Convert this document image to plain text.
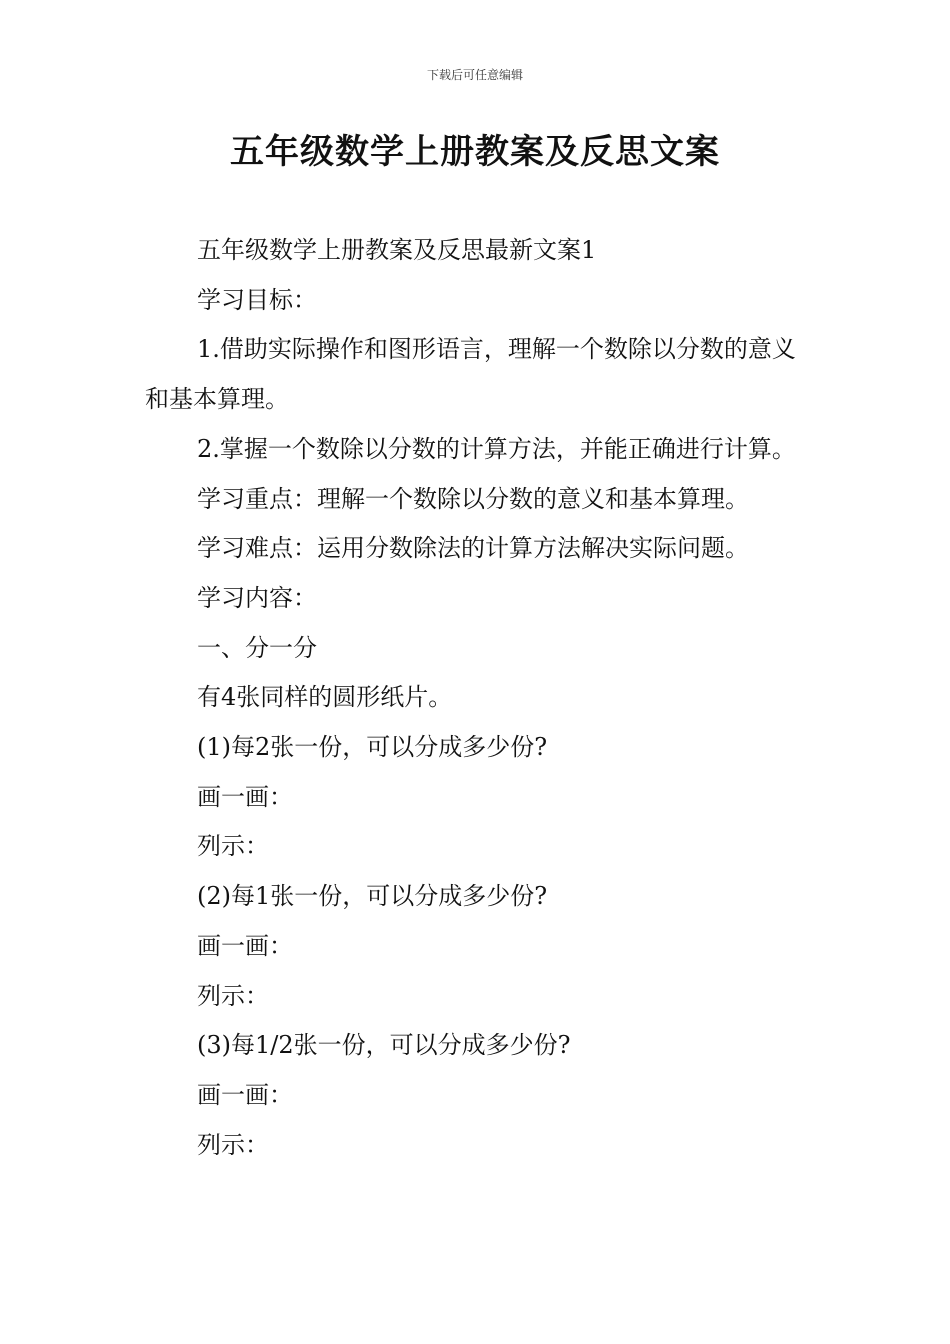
下载后可任意编辑
五年级数学上册教案及反思文案

五年级数学上册教案及反思最新文案1

学习目标：

1.借助实际操作和图形语言，理解一个数除以分数的意义和基本算理。

2.掌握一个数除以分数的计算方法，并能正确进行计算。

学习重点：理解一个数除以分数的意义和基本算理。

学习难点：运用分数除法的计算方法解决实际问题。

学习内容：

一、分一分

有4张同样的圆形纸片。

(1)每2张一份，可以分成多少份?

画一画：

列示：

(2)每1张一份，可以分成多少份?

画一画：

列示：

(3)每1/2张一份，可以分成多少份?

画一画：

列示：
